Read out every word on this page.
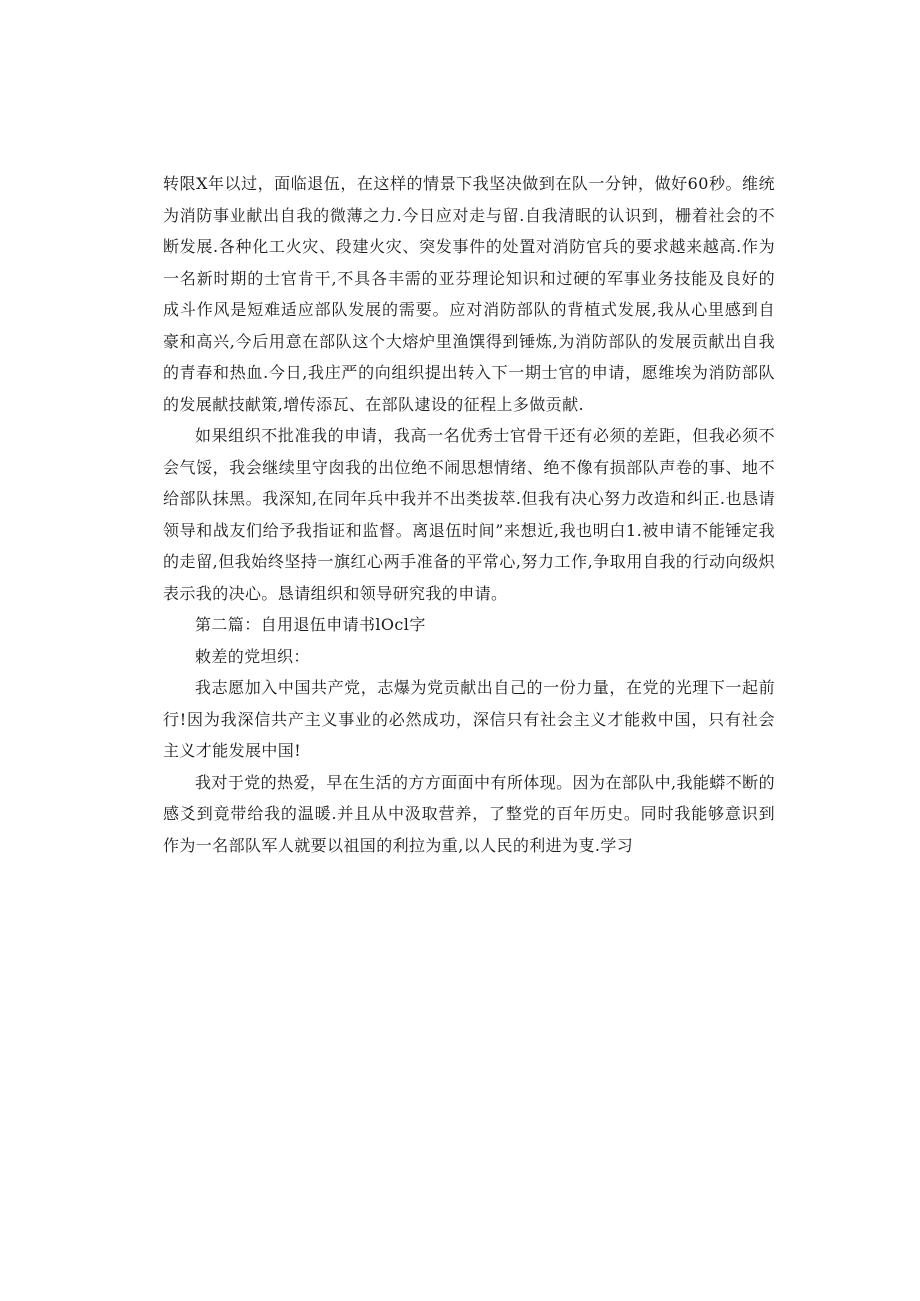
转限X年以过，面临退伍，在这样的情景下我坚决做到在队一分钟，做好60秒。维统为消防事业献出自我的微薄之力.今日应对走与留.自我清眠的认识到，栅着社会的不断发展.各种化工火灾、段建火灾、突发事件的处置对消防官兵的要求越来越高.作为一名新时期的士官肯干,不具各丰需的亚芬理论知识和过硬的军事业务技能及良好的成斗作风是短难适应部队发展的需要。应对消防部队的背植式发展,我从心里感到自豪和高兴,今后用意在部队这个大熔炉里渔馔得到锤炼,为消防部队的发展贡献出自我的青春和热血.今日,我庄严的向组织提出转入下一期士官的申请，愿维埃为消防部队的发展献技献策,增传添瓦、在部队逮设的征程上多做贡献.

如果组织不批准我的申请，我高一名优秀士官骨干还有必须的差距，但我必须不会气馁，我会继续里守囱我的出位绝不闹思想情绪、绝不像有损部队声卷的事、地不给部队抹黑。我深知,在同年兵中我并不出类拔萃.但我有决心努力改造和纠正.也恳请领导和战友们给予我指证和监督。离退伍时间”来想近,我也明白1.被申请不能锤定我的走留,但我始终坚持一旗红心两手准备的平常心,努力工作,争取用自我的行动向级炽表示我的决心。恳请组织和领导研究我的申请。

第二篇：自用退伍申请书lOcl字

敕差的党坦织：

我志愿加入中国共产党，志爆为党贡献出自己的一份力量，在党的光理下一起前行!因为我深信共产主义事业的必然成功，深信只有社会主义才能救中国，只有社会主义才能发展中国!

我对于党的热爱，早在生活的方方面面中有所体现。因为在部队中,我能蟒不断的感爻到竟带给我的温暖.并且从中汲取营养，了整党的百年历史。同时我能够意识到作为一名部队军人就要以祖国的利拉为重,以人民的利进为叓.学习
